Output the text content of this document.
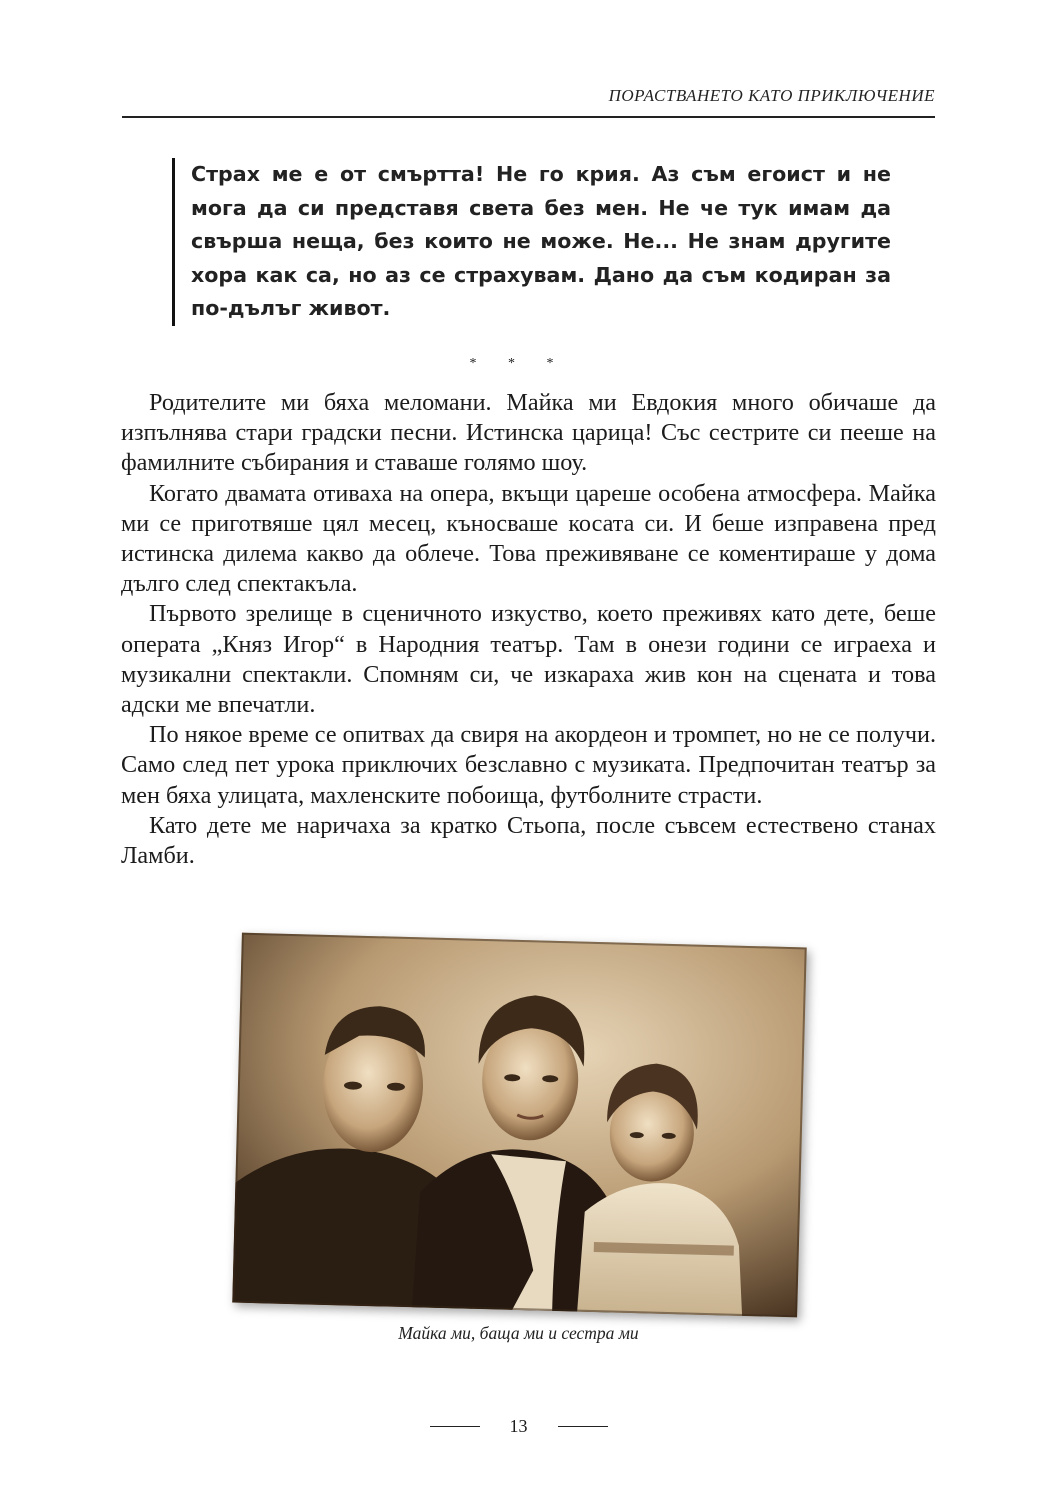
ПОРАСТВАНЕТО КАТО ПРИКЛЮЧЕНИЕ

Страх ме е от смъртта! Не го крия. Аз съм егоист и не мога да си представя света без мен. Не че тук имам да свърша неща, без които не може. Не... Не знам другите хора как са, но аз се страхувам. Дано да съм кодиран за по-дълъг живот.

* * *

Родителите ми бяха меломани. Майка ми Евдокия много обичаше да изпълнява стари градски песни. Истинска царица! Със сестрите си пееше на фамилните събирания и ставаше голямо шоу.

Когато двамата отиваха на опера, вкъщи цареше особена атмосфера. Майка ми се приготвяше цял месец, къносваше косата си. И беше изправена пред истинска дилема какво да облече. Това преживяване се коментираше у дома дълго след спектакъла.

Първото зрелище в сценичното изкуство, което преживях като дете, беше операта „Княз Игор“ в Народния театър. Там в онези години се играеха и музикални спектакли. Спомням си, че изкараха жив кон на сцената и това адски ме впечатли.

По някое време се опитвах да свиря на акордеон и тромпет, но не се получи. Само след пет урока приключих безславно с музиката. Предпочитан театър за мен бяха улицата, махленските побоища, футболните страсти.

Като дете ме наричаха за кратко Стьопа, после съвсем естествено станах Ламби.

Майка ми, баща ми и сестра ми
13
